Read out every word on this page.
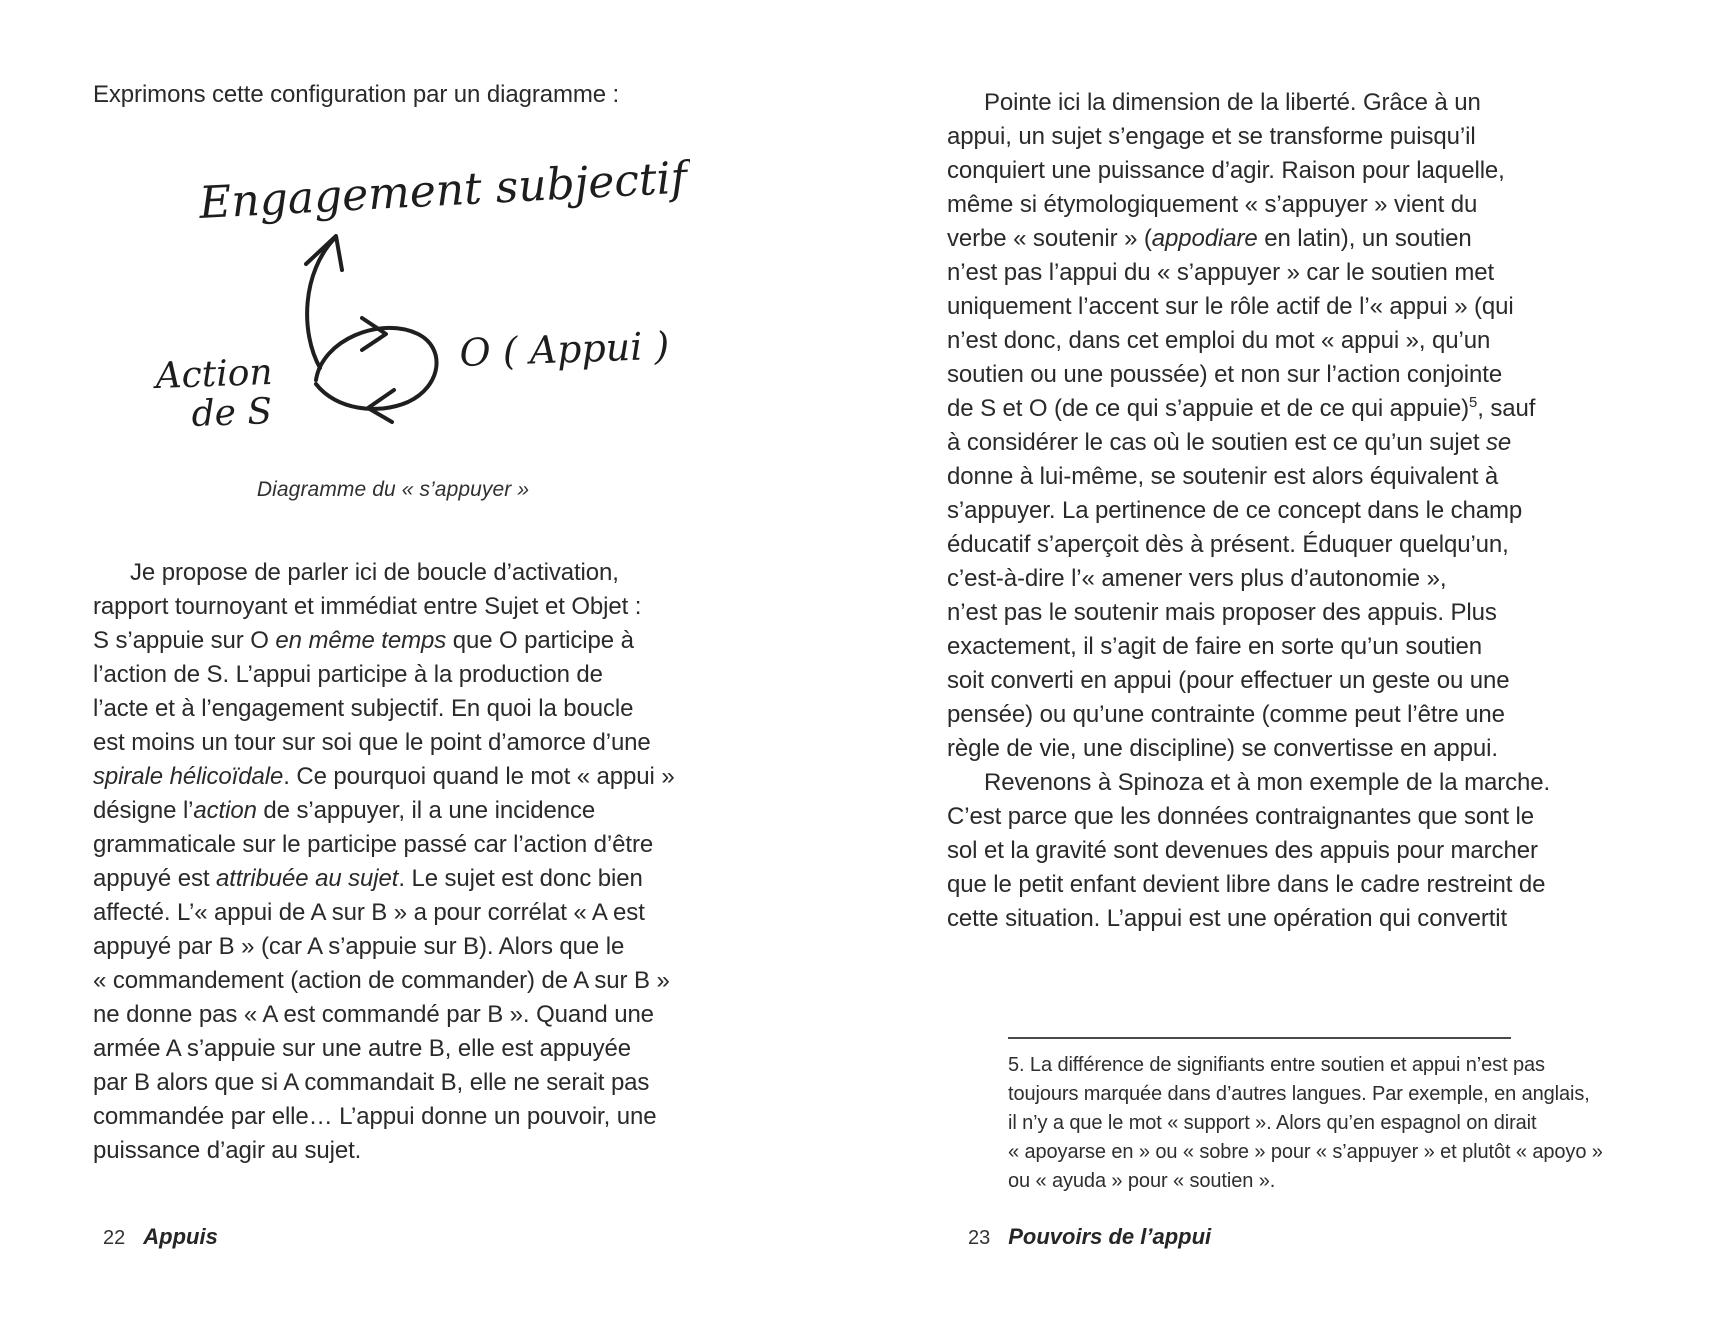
Exprimons cette configuration par un diagramme :
Engagement subjectif
Action
de S
O ( Appui )
Diagramme du « s’appuyer »
Je propose de parler ici de boucle d’activation,
rapport tournoyant et immédiat entre Sujet et Objet :
S s’appuie sur O en même temps que O participe à
l’action de S. L’appui participe à la production de
l’acte et à l’engagement subjectif. En quoi la boucle
est moins un tour sur soi que le point d’amorce d’une
spirale hélicoïdale. Ce pourquoi quand le mot « appui »
désigne l’action de s’appuyer, il a une incidence
grammaticale sur le participe passé car l’action d’être
appuyé est attribuée au sujet. Le sujet est donc bien
affecté. L’« appui de A sur B » a pour corrélat « A est
appuyé par B » (car A s’appuie sur B). Alors que le
« commandement (action de commander) de A sur B »
ne donne pas « A est commandé par B ». Quand une
armée A s’appuie sur une autre B, elle est appuyée
par B alors que si A commandait B, elle ne serait pas
commandée par elle… L’appui donne un pouvoir, une
puissance d’agir au sujet.
22 Appuis
Pointe ici la dimension de la liberté. Grâce à un
appui, un sujet s’engage et se transforme puisqu’il
conquiert une puissance d’agir. Raison pour laquelle,
même si étymologiquement « s’appuyer » vient du
verbe « soutenir » (appodiare en latin), un soutien
n’est pas l’appui du « s’appuyer » car le soutien met
uniquement l’accent sur le rôle actif de l’« appui » (qui
n’est donc, dans cet emploi du mot « appui », qu’un
soutien ou une poussée) et non sur l’action conjointe
de S et O (de ce qui s’appuie et de ce qui appuie)$^5$, sauf
à considérer le cas où le soutien est ce qu’un sujet se
donne à lui-même, se soutenir est alors équivalent à
s’appuyer. La pertinence de ce concept dans le champ
éducatif s’aperçoit dès à présent. Éduquer quelqu’un,
c’est-à-dire l’« amener vers plus d’autonomie »,
n’est pas le soutenir mais proposer des appuis. Plus
exactement, il s’agit de faire en sorte qu’un soutien
soit converti en appui (pour effectuer un geste ou une
pensée) ou qu’une contrainte (comme peut l’être une
règle de vie, une discipline) se convertisse en appui.
Revenons à Spinoza et à mon exemple de la marche.
C’est parce que les données contraignantes que sont le
sol et la gravité sont devenues des appuis pour marcher
que le petit enfant devient libre dans le cadre restreint de
cette situation. L’appui est une opération qui convertit
5. La différence de signifiants entre soutien et appui n’est pas
toujours marquée dans d’autres langues. Par exemple, en anglais,
il n’y a que le mot « support ». Alors qu’en espagnol on dirait
« apoyarse en » ou « sobre » pour « s’appuyer » et plutôt « apoyo »
ou « ayuda » pour « soutien ».
23 Pouvoirs de l’appui
